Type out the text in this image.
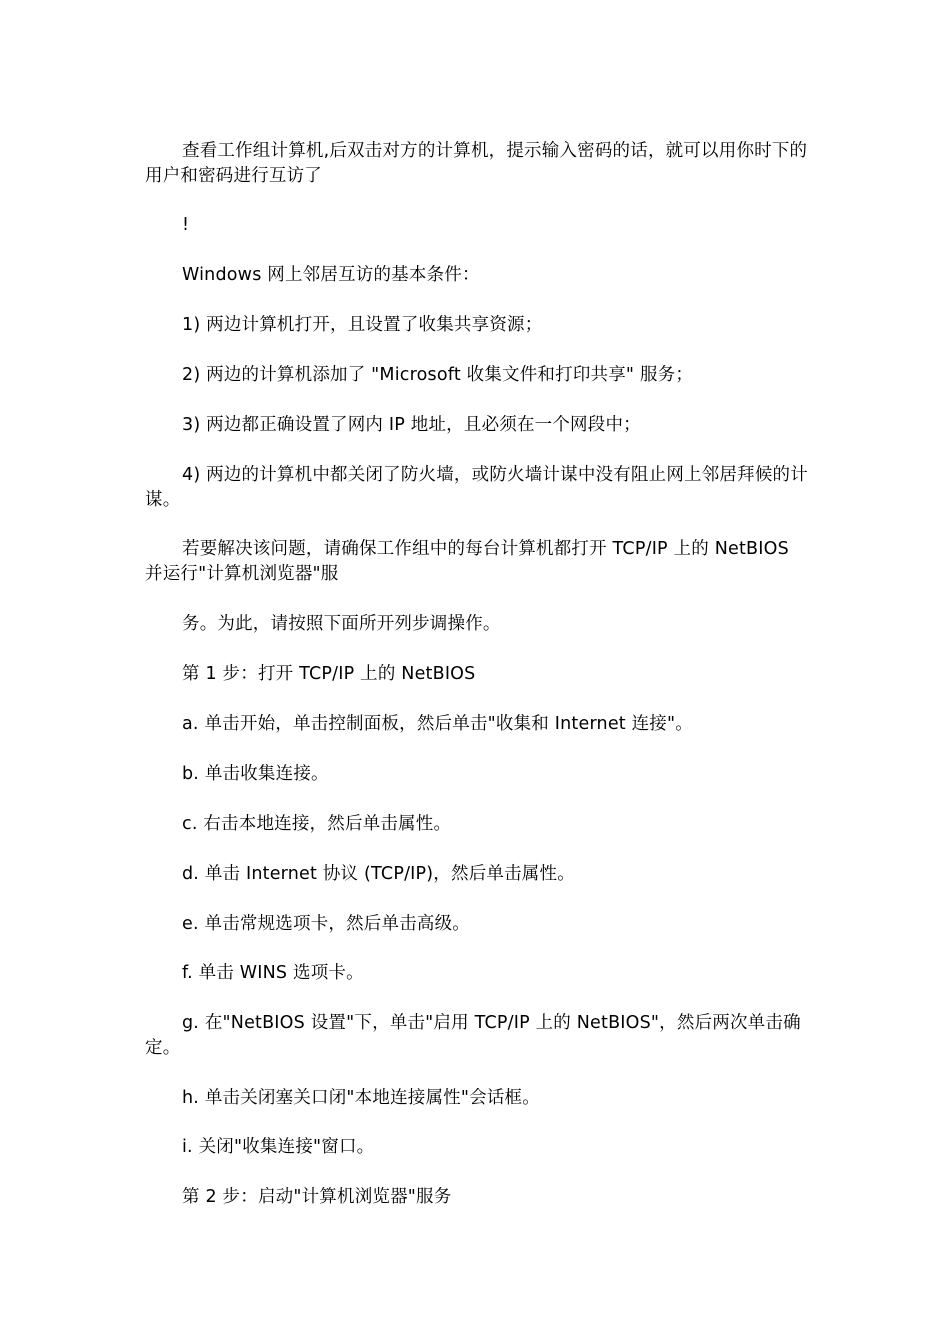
查看工作组计算机,后双击对方的计算机，提示输入密码的话，就可以用你时下的用户和密码进行互访了

!

Windows 网上邻居互访的基本条件：

1) 两边计算机打开，且设置了收集共享资源；

2) 两边的计算机添加了 "Microsoft 收集文件和打印共享" 服务；

3) 两边都正确设置了网内 IP 地址，且必须在一个网段中；

4) 两边的计算机中都关闭了防火墙，或防火墙计谋中没有阻止网上邻居拜候的计谋。

若要解决该问题，请确保工作组中的每台计算机都打开 TCP/IP 上的 NetBIOS 并运行"计算机浏览器"服

务。为此，请按照下面所开列步调操作。

第 1 步：打开 TCP/IP 上的 NetBIOS

a. 单击开始，单击控制面板，然后单击"收集和 Internet 连接"。

b. 单击收集连接。

c. 右击本地连接，然后单击属性。

d. 单击 Internet 协议 (TCP/IP)，然后单击属性。

e. 单击常规选项卡，然后单击高级。

f. 单击 WINS 选项卡。

g. 在"NetBIOS 设置"下，单击"启用 TCP/IP 上的 NetBIOS"，然后两次单击确定。

h. 单击关闭塞关口闭"本地连接属性"会话框。

i. 关闭"收集连接"窗口。

第 2 步：启动"计算机浏览器"服务
